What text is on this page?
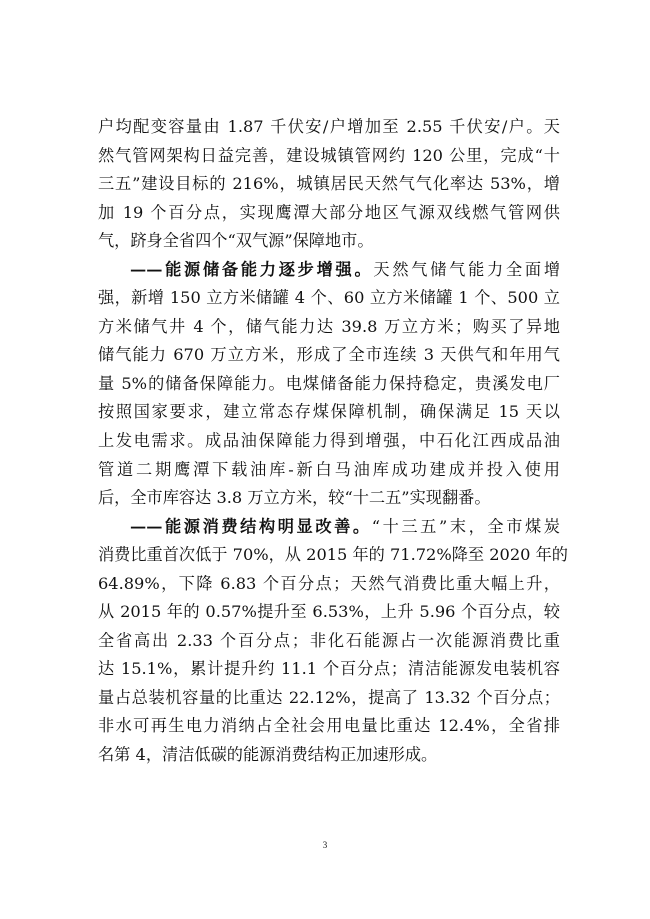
户均配变容量由 1.87 千伏安/户增加至 2.55 千伏安/户。天
然气管网架构日益完善，建设城镇管网约 120 公里，完成“十
三五”建设目标的 216%，城镇居民天然气气化率达 53%，增
加 19 个百分点，实现鹰潭大部分地区气源双线燃气管网供
气，跻身全省四个“双气源”保障地市。
——能源储备能力逐步增强。天然气储气能力全面增
强，新增 150 立方米储罐 4 个、60 立方米储罐 1 个、500 立
方米储气井 4 个，储气能力达 39.8 万立方米；购买了异地
储气能力 670 万立方米，形成了全市连续 3 天供气和年用气
量 5%的储备保障能力。电煤储备能力保持稳定，贵溪发电厂
按照国家要求，建立常态存煤保障机制，确保满足 15 天以
上发电需求。成品油保障能力得到增强，中石化江西成品油
管道二期鹰潭下载油库-新白马油库成功建成并投入使用
后，全市库容达 3.8 万立方米，较“十二五”实现翻番。
——能源消费结构明显改善。“十三五”末，全市煤炭
消费比重首次低于 70%，从 2015 年的 71.72%降至 2020 年的
64.89%，下降 6.83 个百分点；天然气消费比重大幅上升，
从 2015 年的 0.57%提升至 6.53%，上升 5.96 个百分点，较
全省高出 2.33 个百分点；非化石能源占一次能源消费比重
达 15.1%，累计提升约 11.1 个百分点；清洁能源发电装机容
量占总装机容量的比重达 22.12%，提高了 13.32 个百分点；
非水可再生电力消纳占全社会用电量比重达 12.4%，全省排
名第 4，清洁低碳的能源消费结构正加速形成。
3
